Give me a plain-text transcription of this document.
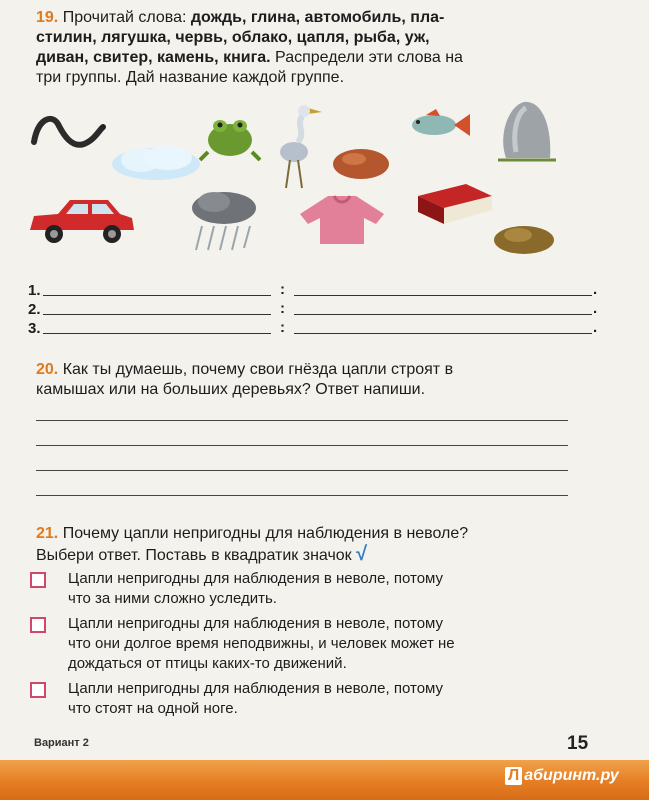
19. Прочитай слова: дождь, глина, автомобиль, пла-
стилин, лягушка, червь, облако, цапля, рыба, уж,
диван, свитер, камень, книга. Распредели эти слова на
три группы. Дай название каждой группе.
1.	:	.
2.	:	.
3.	:	.
20. Как ты думаешь, почему свои гнёзда цапли строят в
камышах или на больших деревьях? Ответ напиши.
21. Почему цапли непригодны для наблюдения в неволе?
Выбери ответ. Поставь в квадратик значок √
Цапли непригодны для наблюдения в неволе, потому
что за ними сложно уследить.
Цапли непригодны для наблюдения в неволе, потому
что они долгое время неподвижны, и человек может не
дождаться от птицы каких-то движений.
Цапли непригодны для наблюдения в неволе, потому
что стоят на одной ноге.
Вариант 2	15
Л абиринт.ру
